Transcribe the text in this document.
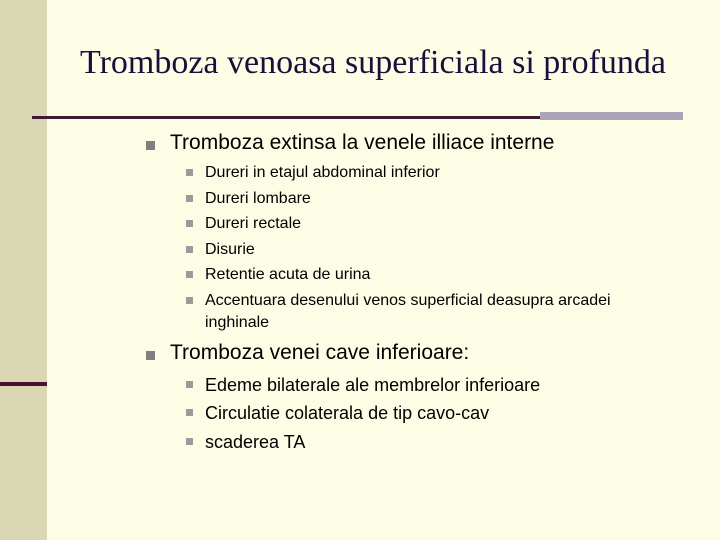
Tromboza venoasa superficiala si profunda
Tromboza extinsa la venele illiace interne
Dureri in etajul abdominal inferior
Dureri lombare
Dureri rectale
Disurie
Retentie acuta de urina
Accentuara desenului venos superficial deasupra arcadei
inghinale
Tromboza venei cave inferioare:
Edeme bilaterale ale membrelor inferioare
Circulatie colaterala de tip cavo-cav
scaderea TA
